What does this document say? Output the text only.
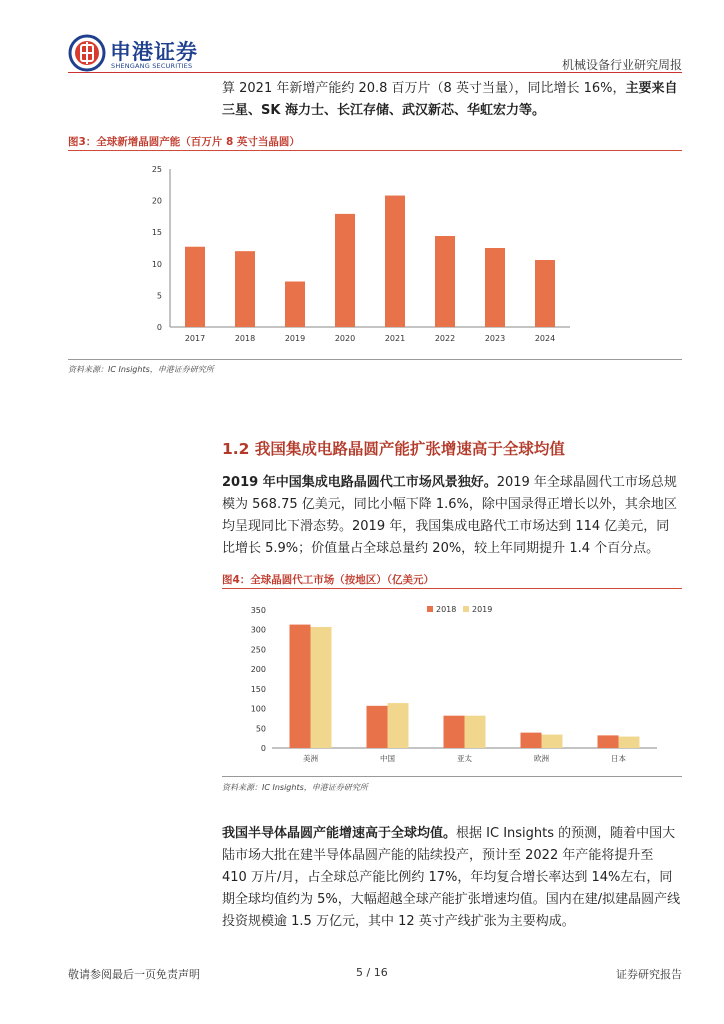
申港证券
SHENGANG SECURITIES	机械设备行业研究周报
算 2021 年新增产能约 20.8 百万片（8 英寸当量），同比增长 16%，主要来自三星、SK 海力士、长江存储、武汉新芯、华虹宏力等。
图3：全球新增晶圆产能（百万片 8 英寸当晶圆）
0
5
10
15
20
25
2017	2018	2019	2020	2021	2022	2023	2024
资料来源：IC Insights，申港证券研究所
1.2 我国集成电路晶圆产能扩张增速高于全球均值
2019 年中国集成电路晶圆代工市场风景独好。2019 年全球晶圆代工市场总规模为 568.75 亿美元，同比小幅下降 1.6%，除中国录得正增长以外，其余地区均呈现同比下滑态势。2019 年，我国集成电路代工市场达到 114 亿美元，同比增长 5.9%；价值量占全球总量约 20%，较上年同期提升 1.4 个百分点。
图4：全球晶圆代工市场（按地区）（亿美元）
0
50
100
150
200
250
300
350
美洲	中国	亚太	欧洲	日本
2018 2019
资料来源：IC Insights，申港证券研究所
我国半导体晶圆产能增速高于全球均值。根据 IC Insights 的预测，随着中国大陆市场大批在建半导体晶圆产能的陆续投产，预计至 2022 年产能将提升至 410 万片/月，占全球总产能比例约 17%，年均复合增长率达到 14%左右，同期全球均值约为 5%，大幅超越全球产能扩张增速均值。国内在建/拟建晶圆产线投资规模逾 1.5 万亿元，其中 12 英寸产线扩张为主要构成。
敬请参阅最后一页免责声明	5 / 16	证券研究报告
